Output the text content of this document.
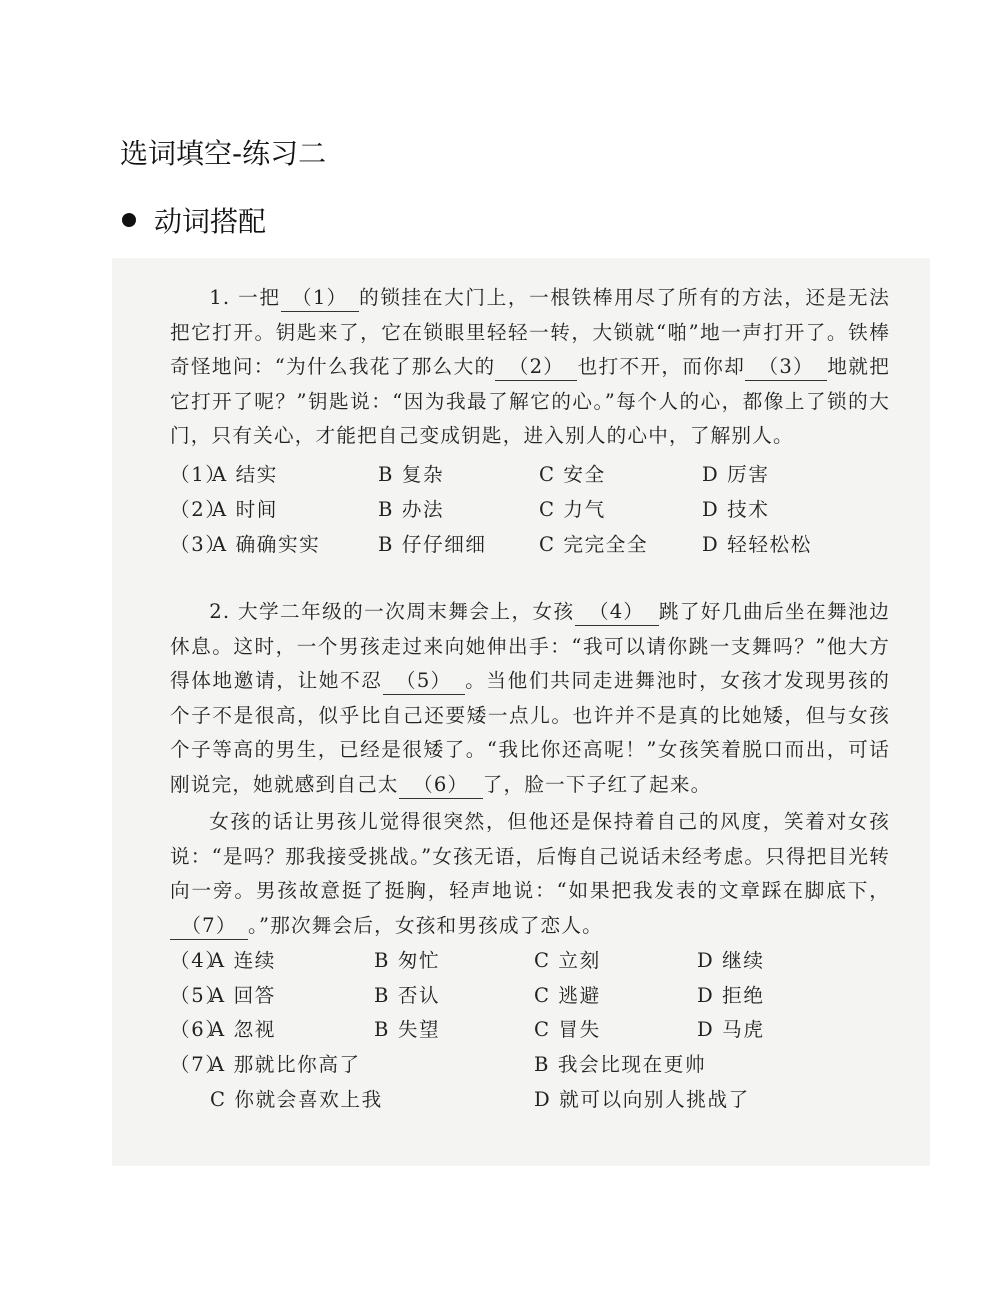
选词填空-练习二
动词搭配

1. 一把 （1） 的锁挂在大门上，一根铁棒用尽了所有的方法，还是无法把它打开。钥匙来了，它在锁眼里轻轻一转，大锁就“啪”地一声打开了。铁棒奇怪地问：“为什么我花了那么大的 （2） 也打不开，而你却 （3） 地就把它打开了呢？”钥匙说：“因为我最了解它的心。”每个人的心，都像上了锁的大门，只有关心，才能把自己变成钥匙，进入别人的心中，了解别人。

（1）
A 结实	B 复杂	C 安全	D 厉害
（2）
A 时间	B 办法	C 力气	D 技术
（3）
A 确确实实	B 仔仔细细	C 完完全全	D 轻轻松松

2. 大学二年级的一次周末舞会上，女孩 （4） 跳了好几曲后坐在舞池边休息。这时，一个男孩走过来向她伸出手：“我可以请你跳一支舞吗？”他大方得体地邀请，让她不忍 （5） 。当他们共同走进舞池时，女孩才发现男孩的个子不是很高，似乎比自己还要矮一点儿。也许并不是真的比她矮，但与女孩个子等高的男生，已经是很矮了。“我比你还高呢！”女孩笑着脱口而出，可话刚说完，她就感到自己太 （6） 了，脸一下子红了起来。

女孩的话让男孩儿觉得很突然，但他还是保持着自己的风度，笑着对女孩说：“是吗？那我接受挑战。”女孩无语，后悔自己说话未经考虑。只得把目光转向一旁。男孩故意挺了挺胸，轻声地说：“如果把我发表的文章踩在脚底下，（7） 。”那次舞会后，女孩和男孩成了恋人。

（4）
A 连续	B 匆忙	C 立刻	D 继续
（5）
A 回答	B 否认	C 逃避	D 拒绝
（6）
A 忽视	B 失望	C 冒失	D 马虎
（7）
A 那就比你高了	B 我会比现在更帅
C 你就会喜欢上我	D 就可以向别人挑战了
